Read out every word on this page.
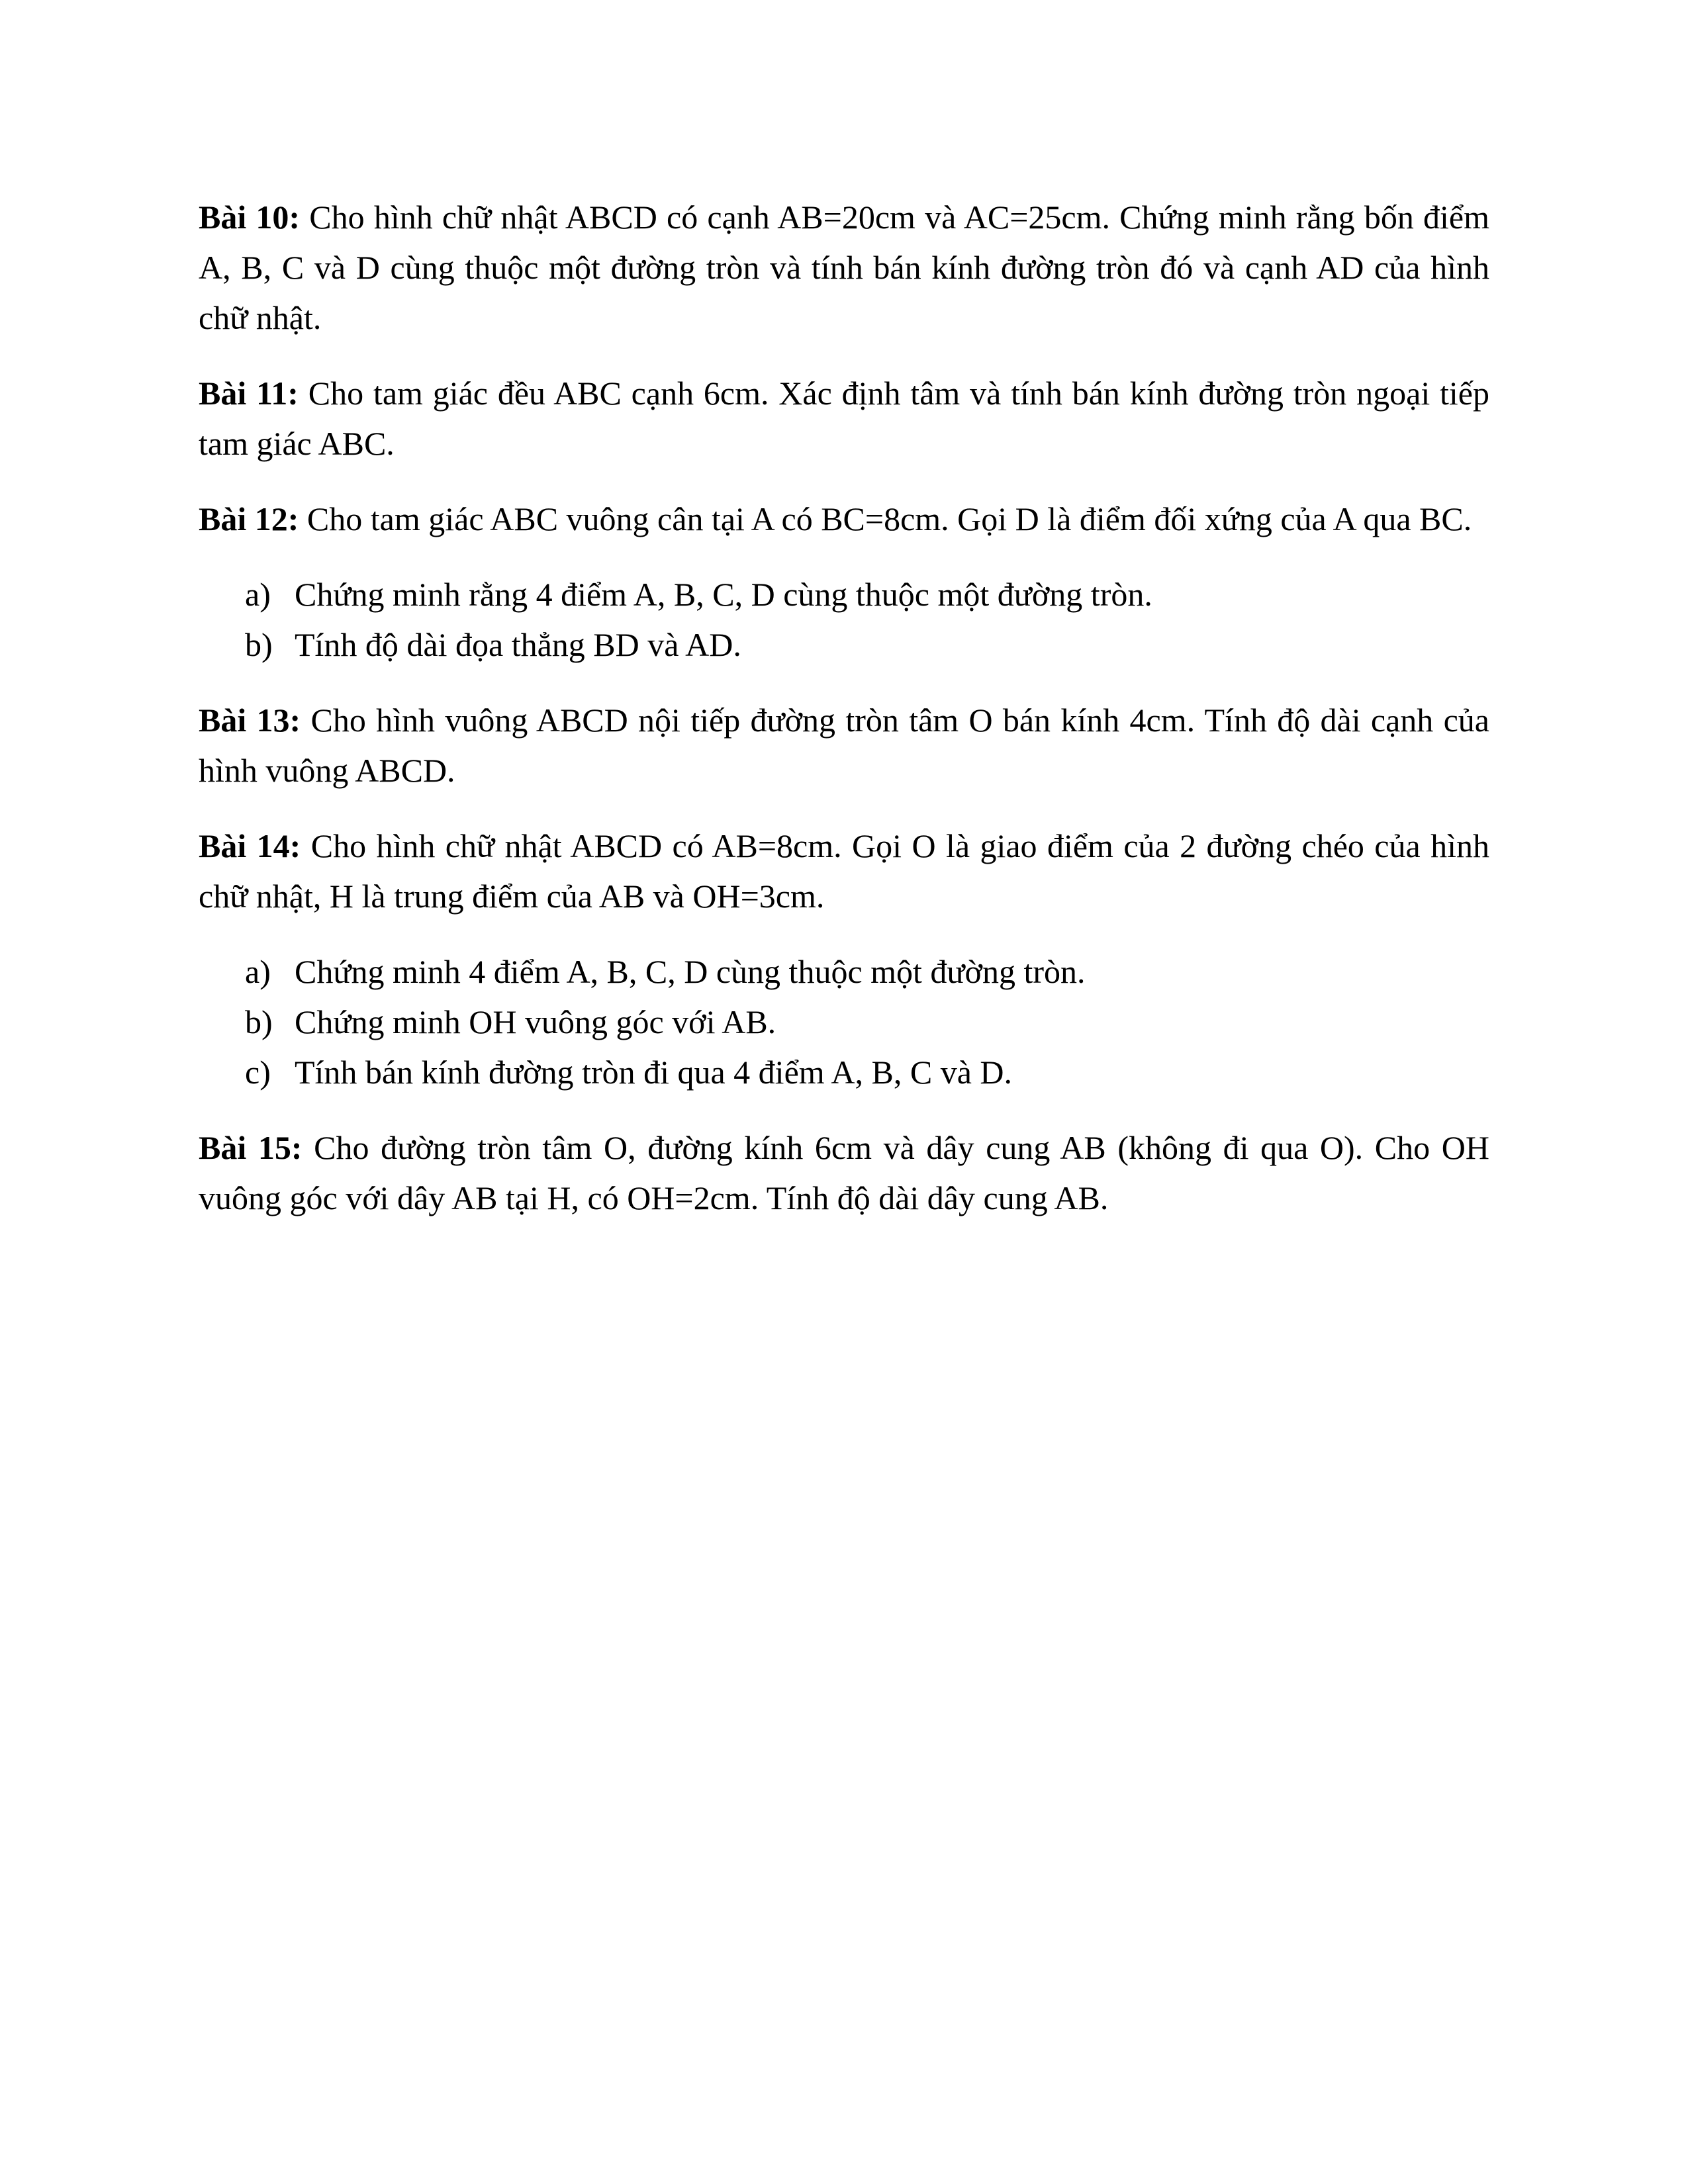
Bài 10: Cho hình chữ nhật ABCD có cạnh AB=20cm và AC=25cm. Chứng minh rằng bốn điểm A, B, C và D cùng thuộc một đường tròn và tính bán kính đường tròn đó và cạnh AD của hình chữ nhật.

Bài 11: Cho tam giác đều ABC cạnh 6cm. Xác định tâm và tính bán kính đường tròn ngoại tiếp tam giác ABC.

Bài 12: Cho tam giác ABC vuông cân tại A có BC=8cm. Gọi D là điểm đối xứng của A qua BC.

a) Chứng minh rằng 4 điểm A, B, C, D cùng thuộc một đường tròn.
b) Tính độ dài đọa thẳng BD và AD.

Bài 13: Cho hình vuông ABCD nội tiếp đường tròn tâm O bán kính 4cm. Tính độ dài cạnh của hình vuông ABCD.

Bài 14: Cho hình chữ nhật ABCD có AB=8cm. Gọi O là giao điểm của 2 đường chéo của hình chữ nhật, H là trung điểm của AB và OH=3cm.

a) Chứng minh 4 điểm A, B, C, D cùng thuộc một đường tròn.
b) Chứng minh OH vuông góc với AB.
c) Tính bán kính đường tròn đi qua 4 điểm A, B, C và D.

Bài 15: Cho đường tròn tâm O, đường kính 6cm và dây cung AB (không đi qua O). Cho OH vuông góc với dây AB tại H, có OH=2cm. Tính độ dài dây cung AB.
